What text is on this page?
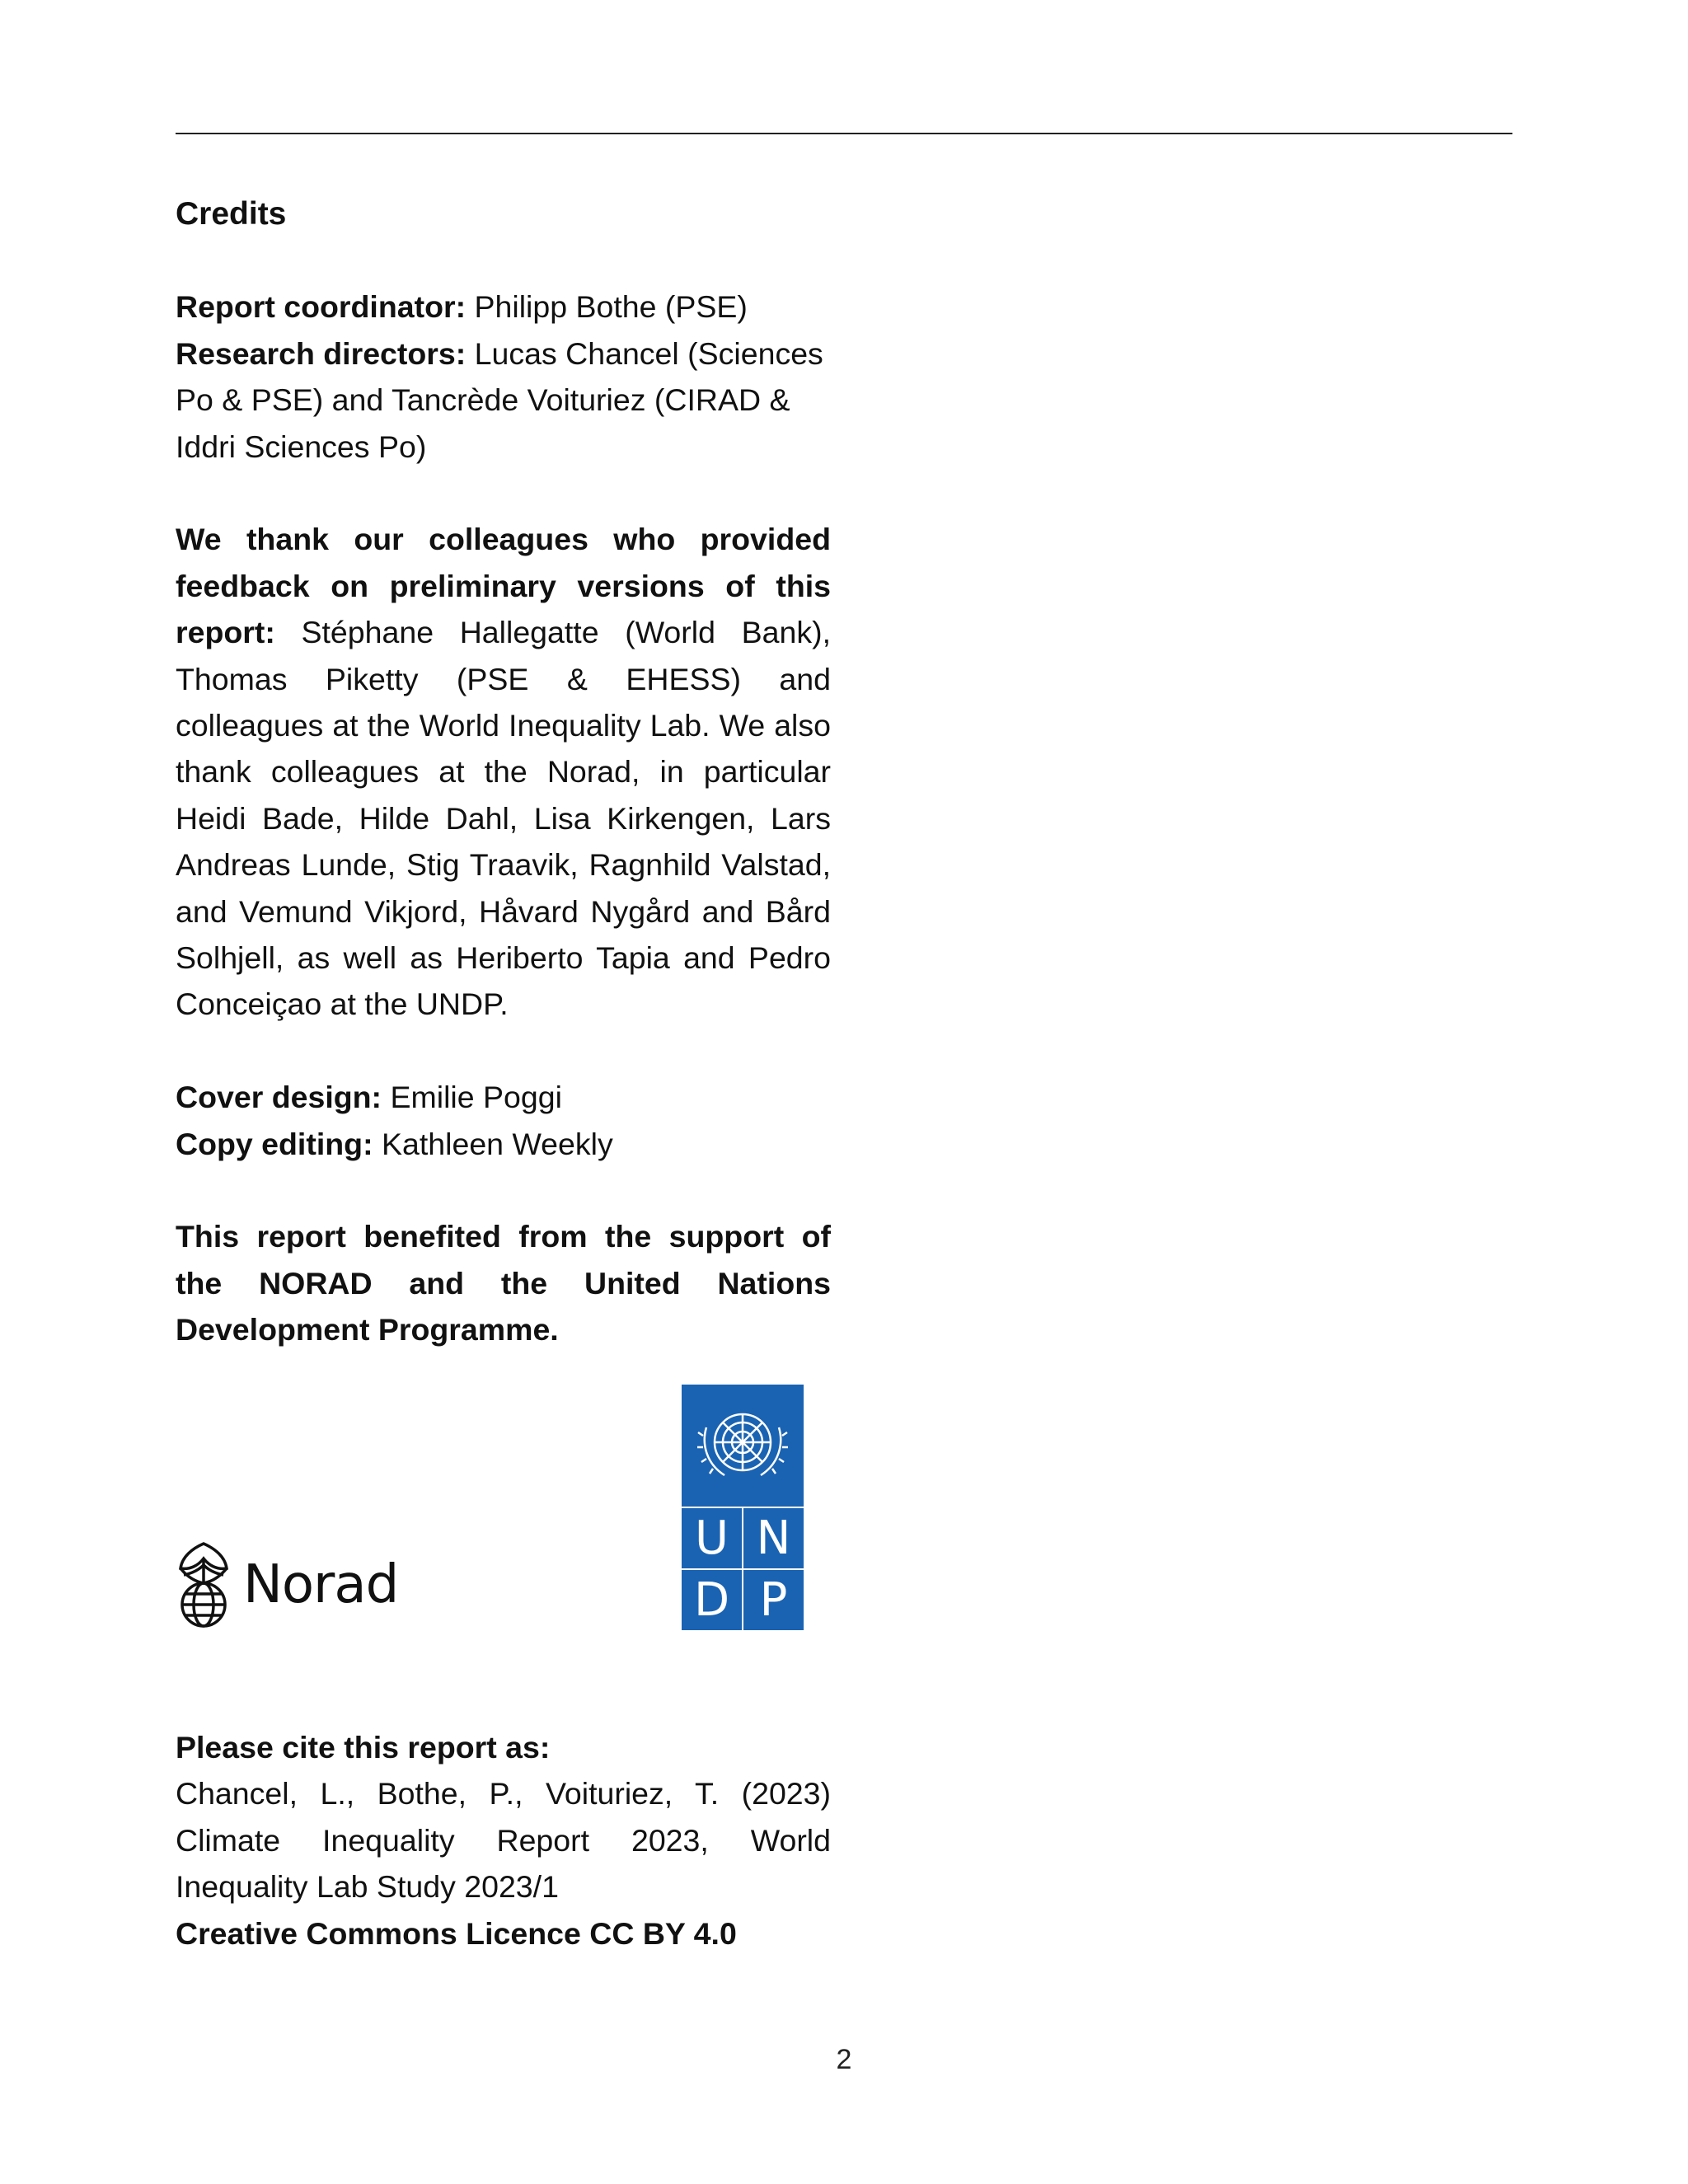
Credits
Report coordinator: Philipp Bothe (PSE)
Research directors: Lucas Chancel (Sciences Po & PSE) and Tancrède Voituriez (CIRAD & Iddri Sciences Po)
We thank our colleagues who provided feedback on preliminary versions of this report: Stéphane Hallegatte (World Bank), Thomas Piketty (PSE & EHESS) and colleagues at the World Inequality Lab. We also thank colleagues at the Norad, in particular Heidi Bade, Hilde Dahl, Lisa Kirkengen, Lars Andreas Lunde, Stig Traavik, Ragnhild Valstad, and Vemund Vikjord, Håvard Nygård and Bård Solhjell, as well as Heriberto Tapia and Pedro Conceiçao at the UNDP.
Cover design: Emilie Poggi
Copy editing: Kathleen Weekly
This report benefited from the support of the NORAD and the United Nations Development Programme.
Norad
U N
D P
Please cite this report as:
Chancel, L., Bothe, P., Voituriez, T. (2023) Climate Inequality Report 2023, World Inequality Lab Study 2023/1
Creative Commons Licence CC BY 4.0
2
